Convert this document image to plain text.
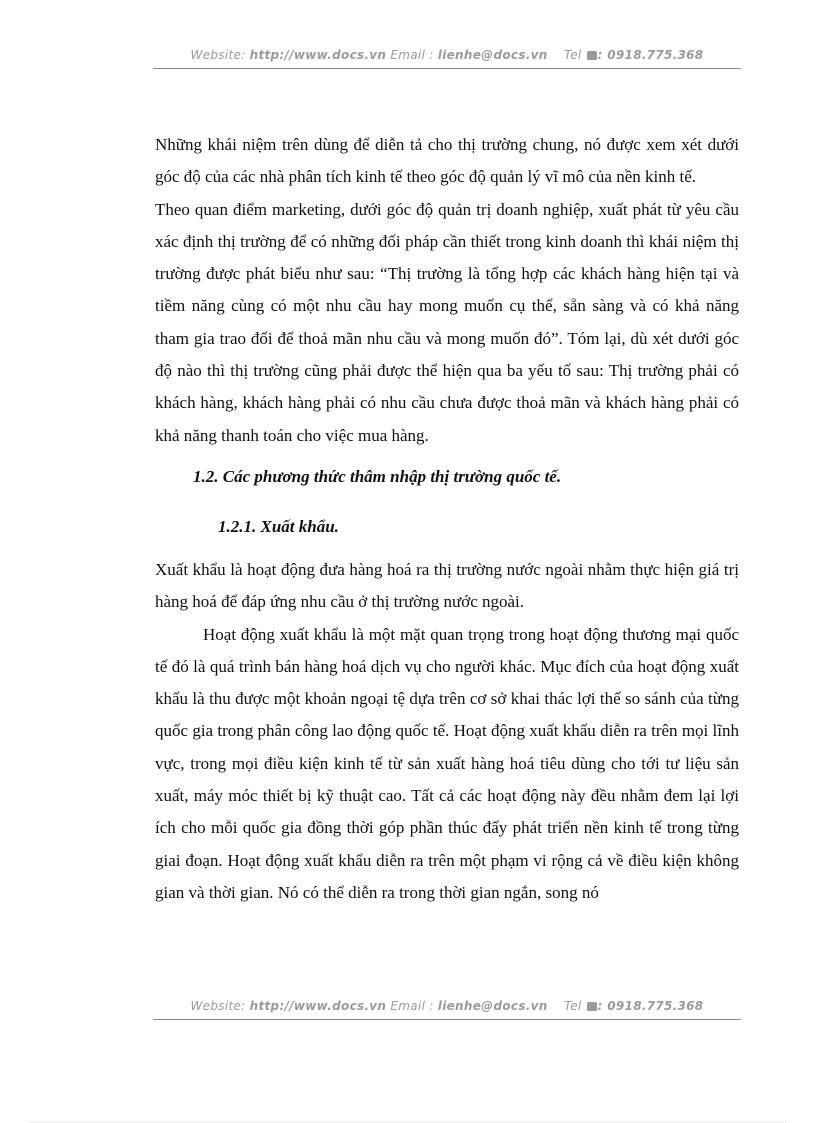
Website: http://www.docs.vn Email : lienhe@docs.vn Tel : 0918.775.368

Những khái niệm trên dùng để diễn tả cho thị trường chung, nó được xem xét dưới góc độ của các nhà phân tích kinh tế theo góc độ quản lý vĩ mô của nền kinh tế.

Theo quan điểm marketing, dưới góc độ quản trị doanh nghiệp, xuất phát từ yêu cầu xác định thị trường để có những đối pháp cần thiết trong kinh doanh thì khái niệm thị trường được phát biểu như sau: “Thị trường là tổng hợp các khách hàng hiện tại và tiềm năng cùng có một nhu cầu hay mong muốn cụ thể, sẵn sàng và có khả năng tham gia trao đổi để thoả mãn nhu cầu và mong muốn đó”. Tóm lại, dù xét dưới góc độ nào thì thị trường cũng phải được thể hiện qua ba yếu tố sau: Thị trường phải có khách hàng, khách hàng phải có nhu cầu chưa được thoả mãn và khách hàng phải có khả năng thanh toán cho việc mua hàng.

1.2. Các phương thức thâm nhập thị trường quốc tế.
1.2.1. Xuất khẩu.

Xuất khẩu là hoạt động đưa hàng hoá ra thị trường nước ngoài nhằm thực hiện giá trị hàng hoá để đáp ứng nhu cầu ở thị trường nước ngoài.

Hoạt động xuất khẩu là một mặt quan trọng trong hoạt động thương mại quốc tế đó là quá trình bán hàng hoá dịch vụ cho người khác. Mục đích của hoạt động xuất khẩu là thu được một khoản ngoại tệ dựa trên cơ sở khai thác lợi thế so sánh của từng quốc gia trong phân công lao động quốc tế. Hoạt động xuất khẩu diễn ra trên mọi lĩnh vực, trong mọi điều kiện kinh tế từ sản xuất hàng hoá tiêu dùng cho tới tư liệu sản xuất, máy móc thiết bị kỹ thuật cao. Tất cả các hoạt động này đều nhằm đem lại lợi ích cho mỗi quốc gia đồng thời góp phần thúc đẩy phát triển nền kinh tế trong từng giai đoạn. Hoạt động xuất khẩu diễn ra trên một phạm vi rộng cả về điều kiện không gian và thời gian. Nó có thể diễn ra trong thời gian ngắn, song nó

Website: http://www.docs.vn Email : lienhe@docs.vn Tel : 0918.775.368
